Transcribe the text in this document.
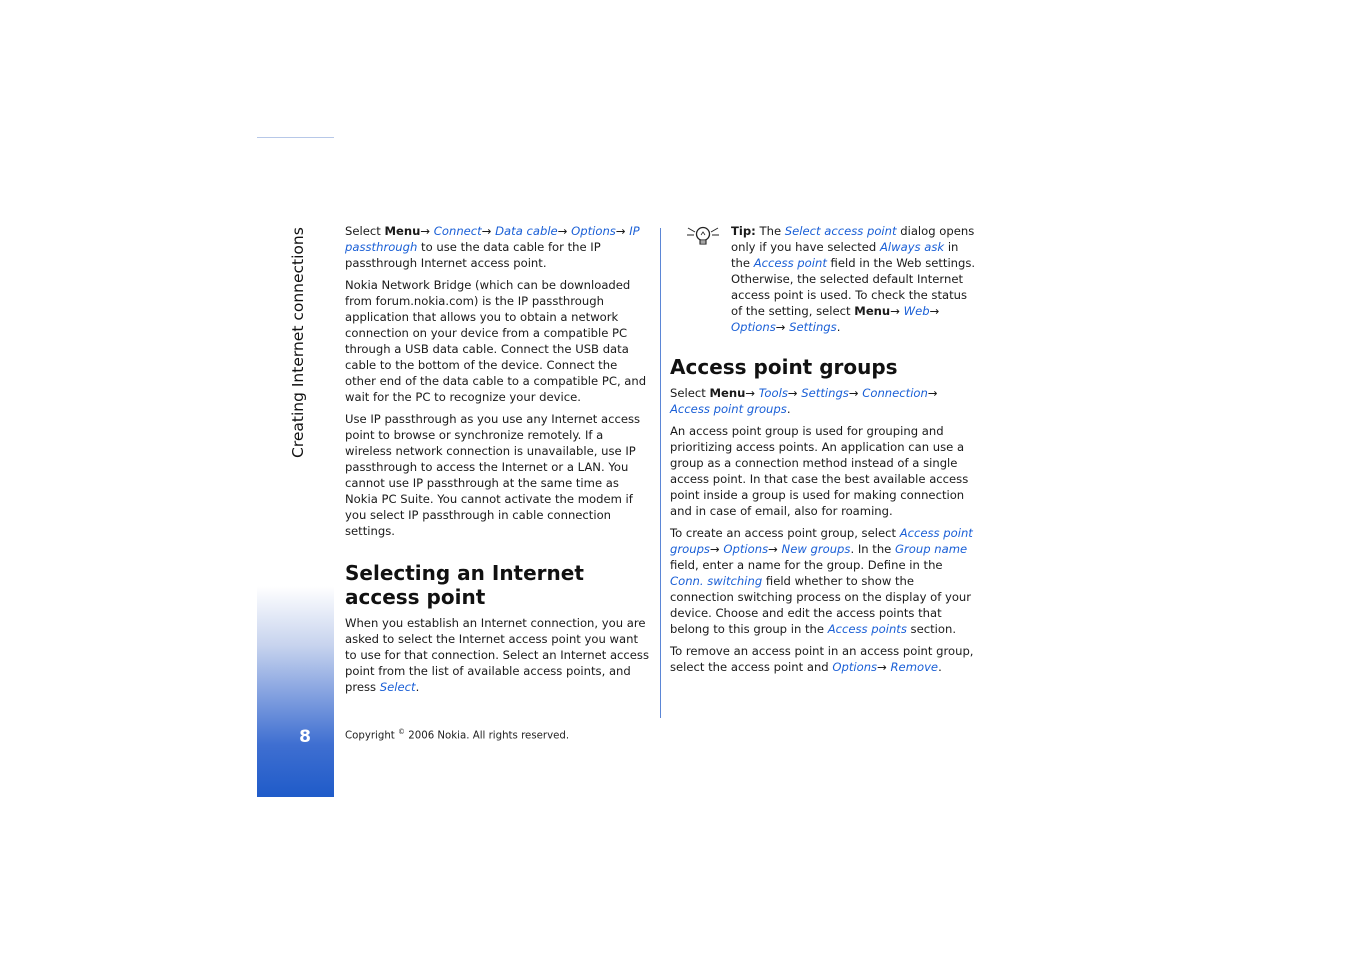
Creating Internet connections
8

Select Menu→ Connect→ Data cable→ Options→ IP passthrough to use the data cable for the IP passthrough Internet access point.

Nokia Network Bridge (which can be downloaded from forum.nokia.com) is the IP passthrough application that allows you to obtain a network connection on your device from a compatible PC through a USB data cable. Connect the USB data cable to the bottom of the device. Connect the other end of the data cable to a compatible PC, and wait for the PC to recognize your device.

Use IP passthrough as you use any Internet access point to browse or synchronize remotely. If a wireless network connection is unavailable, use IP passthrough to access the Internet or a LAN. You cannot use IP passthrough at the same time as Nokia PC Suite. You cannot activate the modem if you select IP passthrough in cable connection settings.

Selecting an Internet access point

When you establish an Internet connection, you are asked to select the Internet access point you want to use for that connection. Select an Internet access point from the list of available access points, and press Select.

Tip: The Select access point dialog opens only if you have selected Always ask in the Access point field in the Web settings. Otherwise, the selected default Internet access point is used. To check the status of the setting, select Menu→ Web→ Options→ Settings.
Access point groups

Select Menu→ Tools→ Settings→ Connection→ Access point groups.

An access point group is used for grouping and prioritizing access points. An application can use a group as a connection method instead of a single access point. In that case the best available access point inside a group is used for making connection and in case of email, also for roaming.

To create an access point group, select Access point groups→ Options→ New groups. In the Group name field, enter a name for the group. Define in the Conn. switching field whether to show the connection switching process on the display of your device. Choose and edit the access points that belong to this group in the Access points section.

To remove an access point in an access point group, select the access point and Options→ Remove.

Copyright © 2006 Nokia. All rights reserved.
